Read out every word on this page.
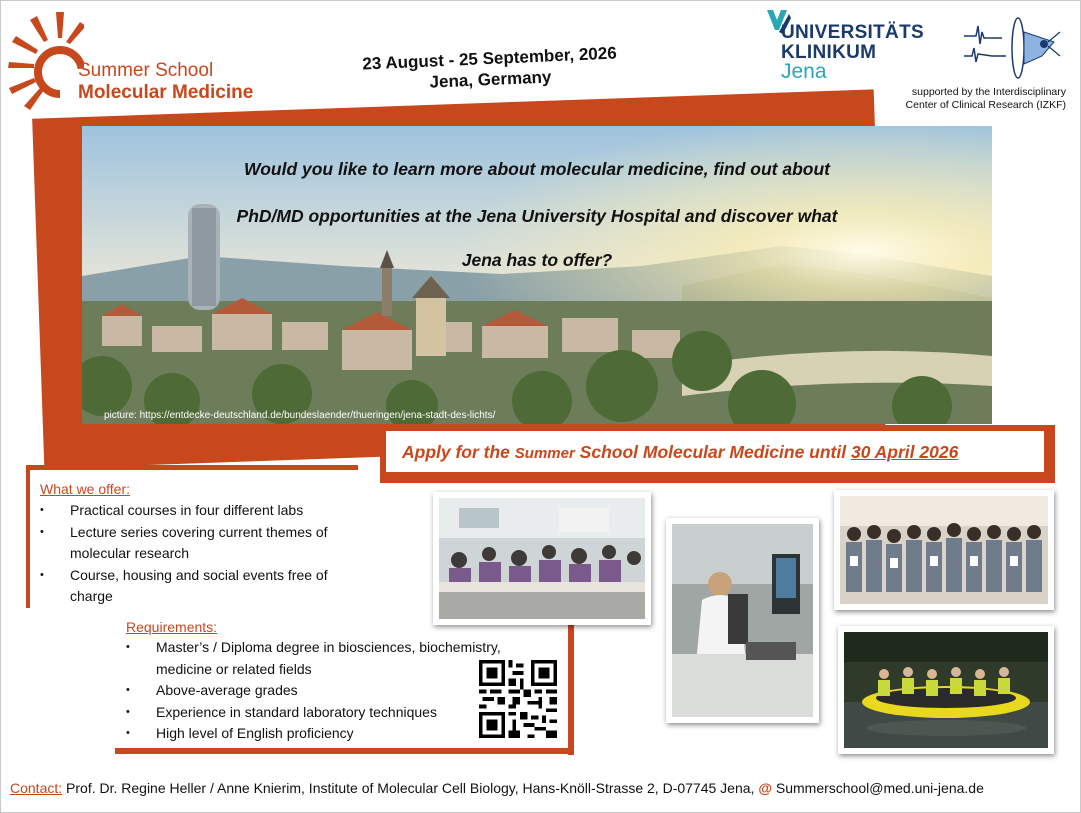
Summer School
Molecular Medicine
23 August - 25 September, 2026
Jena, Germany
UNIVERSITÄTS
KLINIKUM
Jena
supported by the Interdisciplinary
Center of Clinical Research (IZKF)
Would you like to learn more about molecular medicine, find out about
PhD/MD opportunities at the Jena University Hospital and discover what
Jena has to offer?
picture: https://entdecke-deutschland.de/bundeslaender/thueringen/jena-stadt-des-lichts/
Apply for the Summer School Molecular Medicine until 30 April 2026
What we offer:
• Practical courses in four different labs
• Lecture series covering current themes of molecular research
• Course, housing and social events free of charge
Requirements:
• Master’s / Diploma degree in biosciences, biochemistry, medicine or related fields
• Above-average grades
• Experience in standard laboratory techniques
• High level of English proficiency
Contact: Prof. Dr. Regine Heller / Anne Knierim, Institute of Molecular Cell Biology, Hans-Knöll-Strasse 2, D-07745 Jena, @ Summerschool@med.uni-jena.de
